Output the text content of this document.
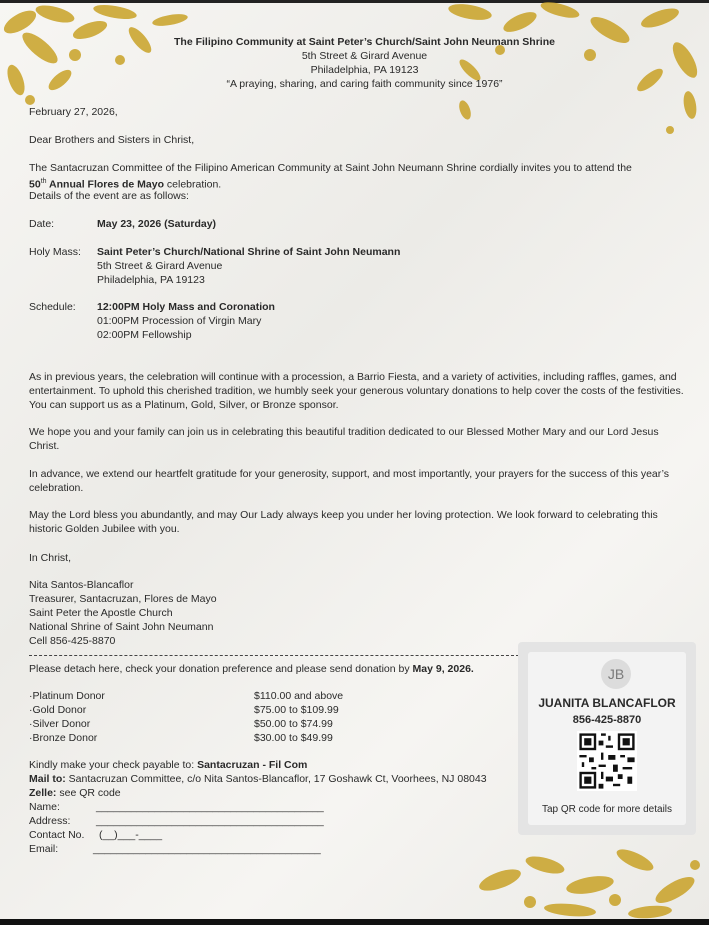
The Filipino Community at Saint Peter’s Church/Saint John Neumann Shrine
5th Street & Girard Avenue
Philadelphia, PA 19123
“A praying, sharing, and caring faith community since 1976”
February 27, 2026,
Dear Brothers and Sisters in Christ,
The Santacruzan Committee of the Filipino American Community at Saint John Neumann Shrine cordially invites you to attend the
50th Annual Flores de Mayo celebration.
Details of the event are as follows:
Date:	May 23, 2026 (Saturday)
Holy Mass: Saint Peter’s Church/National Shrine of Saint John Neumann
5th Street & Girard Avenue
Philadelphia, PA 19123
Schedule: 12:00PM Holy Mass and Coronation
01:00PM Procession of Virgin Mary
02:00PM Fellowship
As in previous years, the celebration will continue with a procession, a Barrio Fiesta, and a variety of activities, including raffles, games, and entertainment. To uphold this cherished tradition, we humbly seek your generous voluntary donations to help cover the costs of the festivities. You can support us as a Platinum, Gold, Silver, or Bronze sponsor.
We hope you and your family can join us in celebrating this beautiful tradition dedicated to our Blessed Mother Mary and our Lord Jesus Christ.
In advance, we extend our heartfelt gratitude for your generosity, support, and most importantly, your prayers for the success of this year’s celebration.
May the Lord bless you abundantly, and may Our Lady always keep you under her loving protection. We look forward to celebrating this historic Golden Jubilee with you.
In Christ,
Nita Santos-Blancaflor
Treasurer, Santacruzan, Flores de Mayo
Saint Peter the Apostle Church
National Shrine of Saint John Neumann
Cell 856-425-8870
Please detach here, check your donation preference and please send donation by May 9, 2026.
·Platinum Donor	$110.00 and above
·Gold Donor	$75.00 to $109.99
·Silver Donor	$50.00 to $74.99
·Bronze Donor	$30.00 to $49.99
Kindly make your check payable to: Santacruzan - Fil Com
Mail to: Santacruzan Committee, c/o Nita Santos-Blancaflor, 17 Goshawk Ct, Voorhees, NJ 08043
Zelle: see QR code
Name:	_______________________________________
Address: _______________________________________
Contact No. (__)___-____
Email:	_______________________________________
JB
JUANITA BLANCAFLOR
856-425-8870
Tap QR code for more details
